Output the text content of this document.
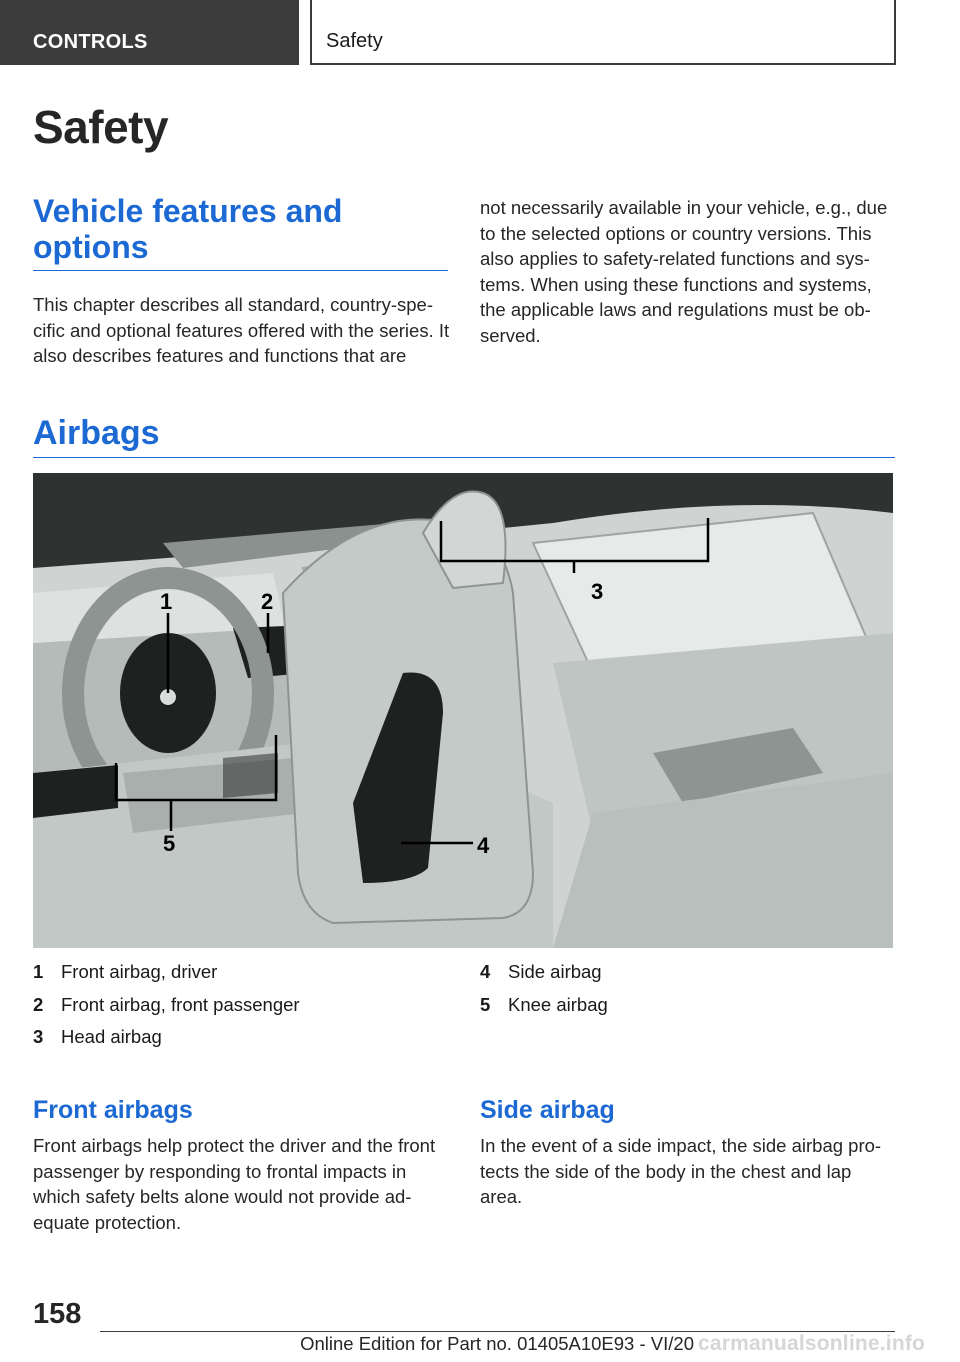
CONTROLS	Safety
Safety
Vehicle features and options

This chapter describes all standard, country-specific and optional features offered with the series. It also describes features and functions that are

not necessarily available in your vehicle, e.g., due to the selected options or country versions. This also applies to safety-related functions and systems. When using these functions and systems, the applicable laws and regulations must be observed.

Airbags
1	2	3
4
5
1 Front airbag, driver
2 Front airbag, front passenger
3 Head airbag
4 Side airbag
5 Knee airbag
Front airbags

Front airbags help protect the driver and the front passenger by responding to frontal impacts in which safety belts alone would not provide adequate protection.

Side airbag

In the event of a side impact, the side airbag protects the side of the body in the chest and lap area.

158
Online Edition for Part no. 01405A10E93 - VI/20 carmanualsonline.info
